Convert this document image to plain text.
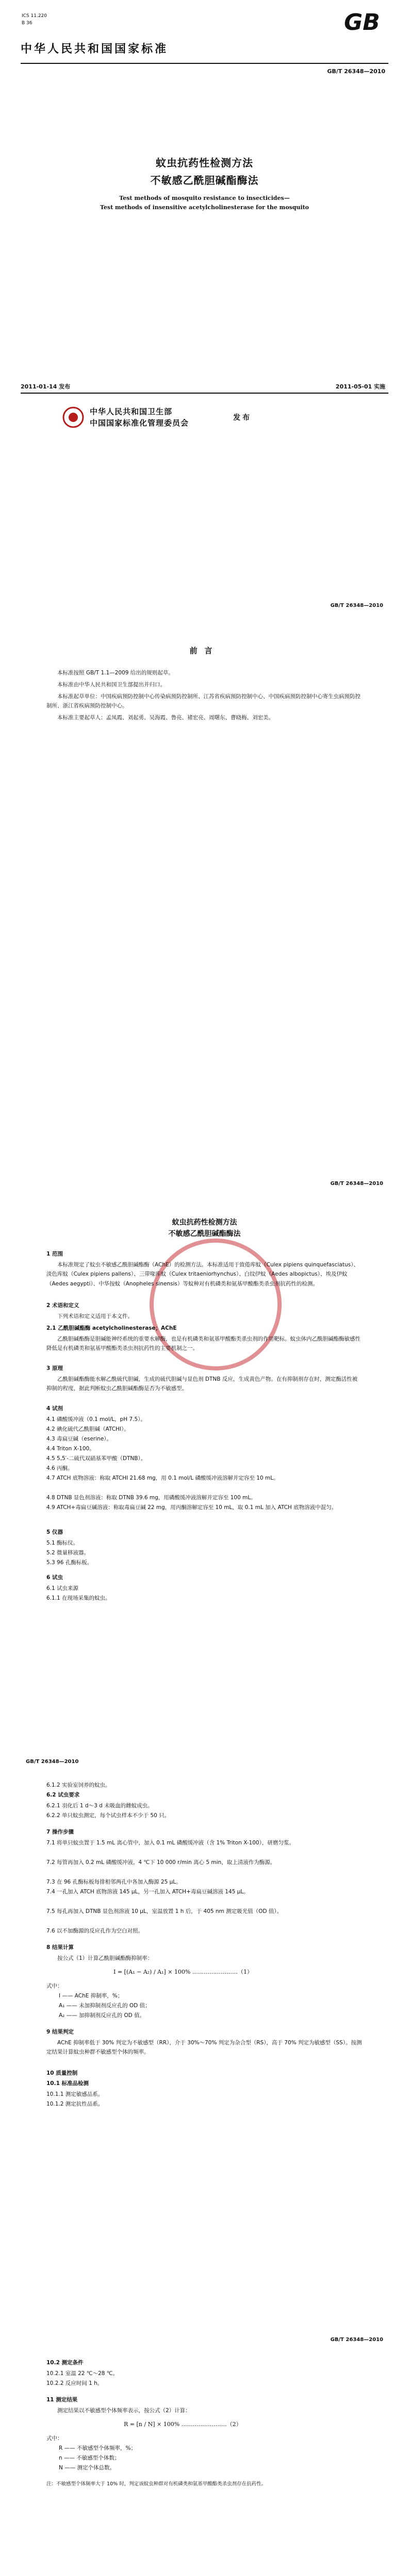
ICS 11.220
B 36	GB
中华人民共和国国家标准
GB/T 26348—2010
蚊虫抗药性检测方法
不敏感乙酰胆碱酯酶法
Test methods of mosquito resistance to insecticides—
Test methods of insensitive acetylcholinesterase for the mosquito
2011-01-14 发布	2011-05-01 实施
中华人民共和国卫生部
中国国家标准化管理委员会
发布
GB/T 26348—2010
前言
本标准按照 GB/T 1.1—2009 给出的规则起草。
本标准由中华人民共和国卫生部提出并归口。
本标准起草单位：中国疾病预防控制中心传染病预防控制所、江苏省疾病预防控制中心、中国疾病预防控制中心寄生虫病预防控制所、浙江省疾病预防控制中心。
本标准主要起草人：孟凤霞、刘起勇、吴海霞、鲁亮、褚宏亮、周曙东、曹晓梅、刘宏美。
GB/T 26348—2010
蚊虫抗药性检测方法
不敏感乙酰胆碱酯酶法
1 范围
本标准规定了蚊虫不敏感乙酰胆碱酯酶（AChE）的检测方法。本标准适用于致倦库蚊（Culex pipiens quinquefasciatus）、淡色库蚊（Culex pipiens pallens）、三带喙库蚊（Culex tritaeniorhynchus）、白纹伊蚊（Aedes albopictus）、埃及伊蚊（Aedes aegypti）、中华按蚊（Anopheles sinensis）等蚊种对有机磷类和氨基甲酸酯类杀虫剂抗药性的检测。
2 术语和定义
下列术语和定义适用于本文件。
2.1 乙酰胆碱酯酶 acetylcholinesterase；AChE
乙酰胆碱酯酶是胆碱能神经系统的重要水解酶，也是有机磷类和氨基甲酸酯类杀虫剂的作用靶标。蚊虫体内乙酰胆碱酯酶敏感性降低是有机磷类和氨基甲酸酯类杀虫剂抗药性的主要机制之一。
3 原理
乙酰胆碱酯酶能水解乙酰硫代胆碱，生成的硫代胆碱与显色剂 DTNB 反应，生成黄色产物。在有抑制剂存在时，测定酶活性被抑制的程度，据此判断蚊虫乙酰胆碱酯酶是否为不敏感型。
4 试剂
4.1 磷酸缓冲液（0.1 mol/L，pH 7.5）。
4.2 碘化硫代乙酰胆碱（ATCHI）。
4.3 毒扁豆碱（eserine）。
4.4 Triton X-100。
4.5 5,5′-二硫代双硝基苯甲酸（DTNB）。
4.6 丙酮。
4.7 ATCH 底物溶液：称取 ATCHI 21.68 mg，用 0.1 mol/L 磷酸缓冲液溶解并定容至 10 mL。
4.8 DTNB 显色剂溶液：称取 DTNB 39.6 mg，用磷酸缓冲液溶解并定容至 100 mL。
4.9 ATCH+毒扁豆碱溶液：称取毒扁豆碱 22 mg，用丙酮溶解定容至 10 mL，取 0.1 mL 加入 ATCH 底物溶液中混匀。
5 仪器
5.1 酶标仪。
5.2 微量移液器。
5.3 96 孔酶标板。
6 试虫
6.1 试虫来源
6.1.1 在现场采集的蚊虫。
GB/T 26348—2010
6.1.2 实验室饲养的蚊虫。
6.2 试虫要求
6.2.1 羽化后 1 d～3 d 未吸血的雌蚊成虫。
6.2.2 单只蚊虫测定，每个试虫样本不少于 50 只。
7 操作步骤
7.1 将单只蚊虫置于 1.5 mL 离心管中，加入 0.1 mL 磷酸缓冲液（含 1% Triton X-100），研磨匀浆。
7.2 每管再加入 0.2 mL 磷酸缓冲液，4 ℃下 10 000 r/min 离心 5 min，取上清液作为酶源。
7.3 在 96 孔酶标板每排相邻两孔中各加入酶源 25 μL。
7.4 一孔加入 ATCH 底物溶液 145 μL，另一孔加入 ATCH+毒扁豆碱溶液 145 μL。
7.5 每孔再加入 DTNB 显色剂溶液 10 μL，室温放置 1 h 后，于 405 nm 测定吸光值（OD 值）。
7.6 以不加酶源的反应孔作为空白对照。
8 结果计算
按公式（1）计算乙酰胆碱酯酶抑制率：
I = [(A₁ − A₂) / A₁] × 100% ……………………（1）
式中：
I —— AChE 抑制率，%；
A₁ —— 未加抑制剂反应孔的 OD 值；
A₂ —— 加抑制剂反应孔的 OD 值。
9 结果判定
AChE 抑制率低于 30% 判定为不敏感型（RR），介于 30%～70% 判定为杂合型（RS），高于 70% 判定为敏感型（SS）。按测定结果计算蚊虫种群不敏感型个体的频率。
10 质量控制
10.1 标准品检测
10.1.1 测定敏感品系。
10.1.2 测定抗性品系。
GB/T 26348—2010
10.2 测定条件
10.2.1 室温 22 ℃～28 ℃。
10.2.2 反应时间 1 h。
11 测定结果
测定结果以不敏感型个体频率表示，按公式（2）计算：
R = [n / N] × 100% ……………………（2）
式中：
R —— 不敏感型个体频率，%；
n —— 不敏感型个体数；
N —— 测定个体总数。
注：不敏感型个体频率大于 10% 时，判定该蚊虫种群对有机磷类和氨基甲酸酯类杀虫剂存在抗药性。
